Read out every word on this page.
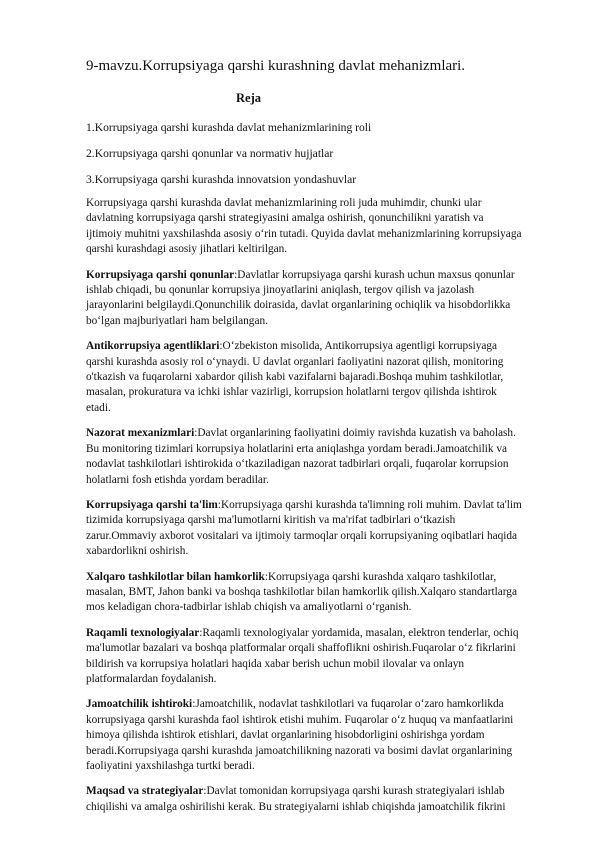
9-mavzu.Korrupsiyaga qarshi kurashning davlat mehanizmlari.
Reja

1.Korrupsiyaga qarshi kurashda davlat mehanizmlarining roli

2.Korrupsiyaga qarshi qonunlar va normativ hujjatlar

3.Korrupsiyaga qarshi kurashda innovatsion yondashuvlar

Korrupsiyaga qarshi kurashda davlat mehanizmlarining roli juda muhimdir, chunki ular davlatning korrupsiyaga qarshi strategiyasini amalga oshirish, qonunchilikni yaratish va ijtimoiy muhitni yaxshilashda asosiy o‘rin tutadi. Quyida davlat mehanizmlarining korrupsiyaga qarshi kurashdagi asosiy jihatlari keltirilgan.

Korrupsiyaga qarshi qonunlar:Davlatlar korrupsiyaga qarshi kurash uchun maxsus qonunlar ishlab chiqadi, bu qonunlar korrupsiya jinoyatlarini aniqlash, tergov qilish va jazolash jarayonlarini belgilaydi.Qonunchilik doirasida, davlat organlarining ochiqlik va hisobdorlikka bo‘lgan majburiyatlari ham belgilangan.

Antikorrupsiya agentliklari:O‘zbekiston misolida, Antikorrupsiya agentligi korrupsiyaga qarshi kurashda asosiy rol o‘ynaydi. U davlat organlari faoliyatini nazorat qilish, monitoring o'tkazish va fuqarolarni xabardor qilish kabi vazifalarni bajaradi.Boshqa muhim tashkilotlar, masalan, prokuratura va ichki ishlar vazirligi, korrupsion holatlarni tergov qilishda ishtirok etadi.

Nazorat mexanizmlari:Davlat organlarining faoliyatini doimiy ravishda kuzatish va baholash. Bu monitoring tizimlari korrupsiya holatlarini erta aniqlashga yordam beradi.Jamoatchilik va nodavlat tashkilotlari ishtirokida o‘tkaziladigan nazorat tadbirlari orqali, fuqarolar korrupsion holatlarni fosh etishda yordam beradilar.

Korrupsiyaga qarshi ta'lim:Korrupsiyaga qarshi kurashda ta'limning roli muhim. Davlat ta'lim tizimida korrupsiyaga qarshi ma'lumotlarni kiritish va ma'rifat tadbirlari o‘tkazish zarur.Ommaviy axborot vositalari va ijtimoiy tarmoqlar orqali korrupsiyaning oqibatlari haqida xabardorlikni oshirish.

Xalqaro tashkilotlar bilan hamkorlik:Korrupsiyaga qarshi kurashda xalqaro tashkilotlar, masalan, BMT, Jahon banki va boshqa tashkilotlar bilan hamkorlik qilish.Xalqaro standartlarga mos keladigan chora-tadbirlar ishlab chiqish va amaliyotlarni o‘rganish.

Raqamli texnologiyalar:Raqamli texnologiyalar yordamida, masalan, elektron tenderlar, ochiq ma'lumotlar bazalari va boshqa platformalar orqali shaffoflikni oshirish.Fuqarolar o‘z fikrlarini bildirish va korrupsiya holatlari haqida xabar berish uchun mobil ilovalar va onlayn platformalardan foydalanish.

Jamoatchilik ishtiroki:Jamoatchilik, nodavlat tashkilotlari va fuqarolar o‘zaro hamkorlikda korrupsiyaga qarshi kurashda faol ishtirok etishi muhim. Fuqarolar o‘z huquq va manfaatlarini himoya qilishda ishtirok etishlari, davlat organlarining hisobdorligini oshirishga yordam beradi.Korrupsiyaga qarshi kurashda jamoatchilikning nazorati va bosimi davlat organlarining faoliyatini yaxshilashga turtki beradi.

Maqsad va strategiyalar:Davlat tomonidan korrupsiyaga qarshi kurash strategiyalari ishlab chiqilishi va amalga oshirilishi kerak. Bu strategiyalarni ishlab chiqishda jamoatchilik fikrini
